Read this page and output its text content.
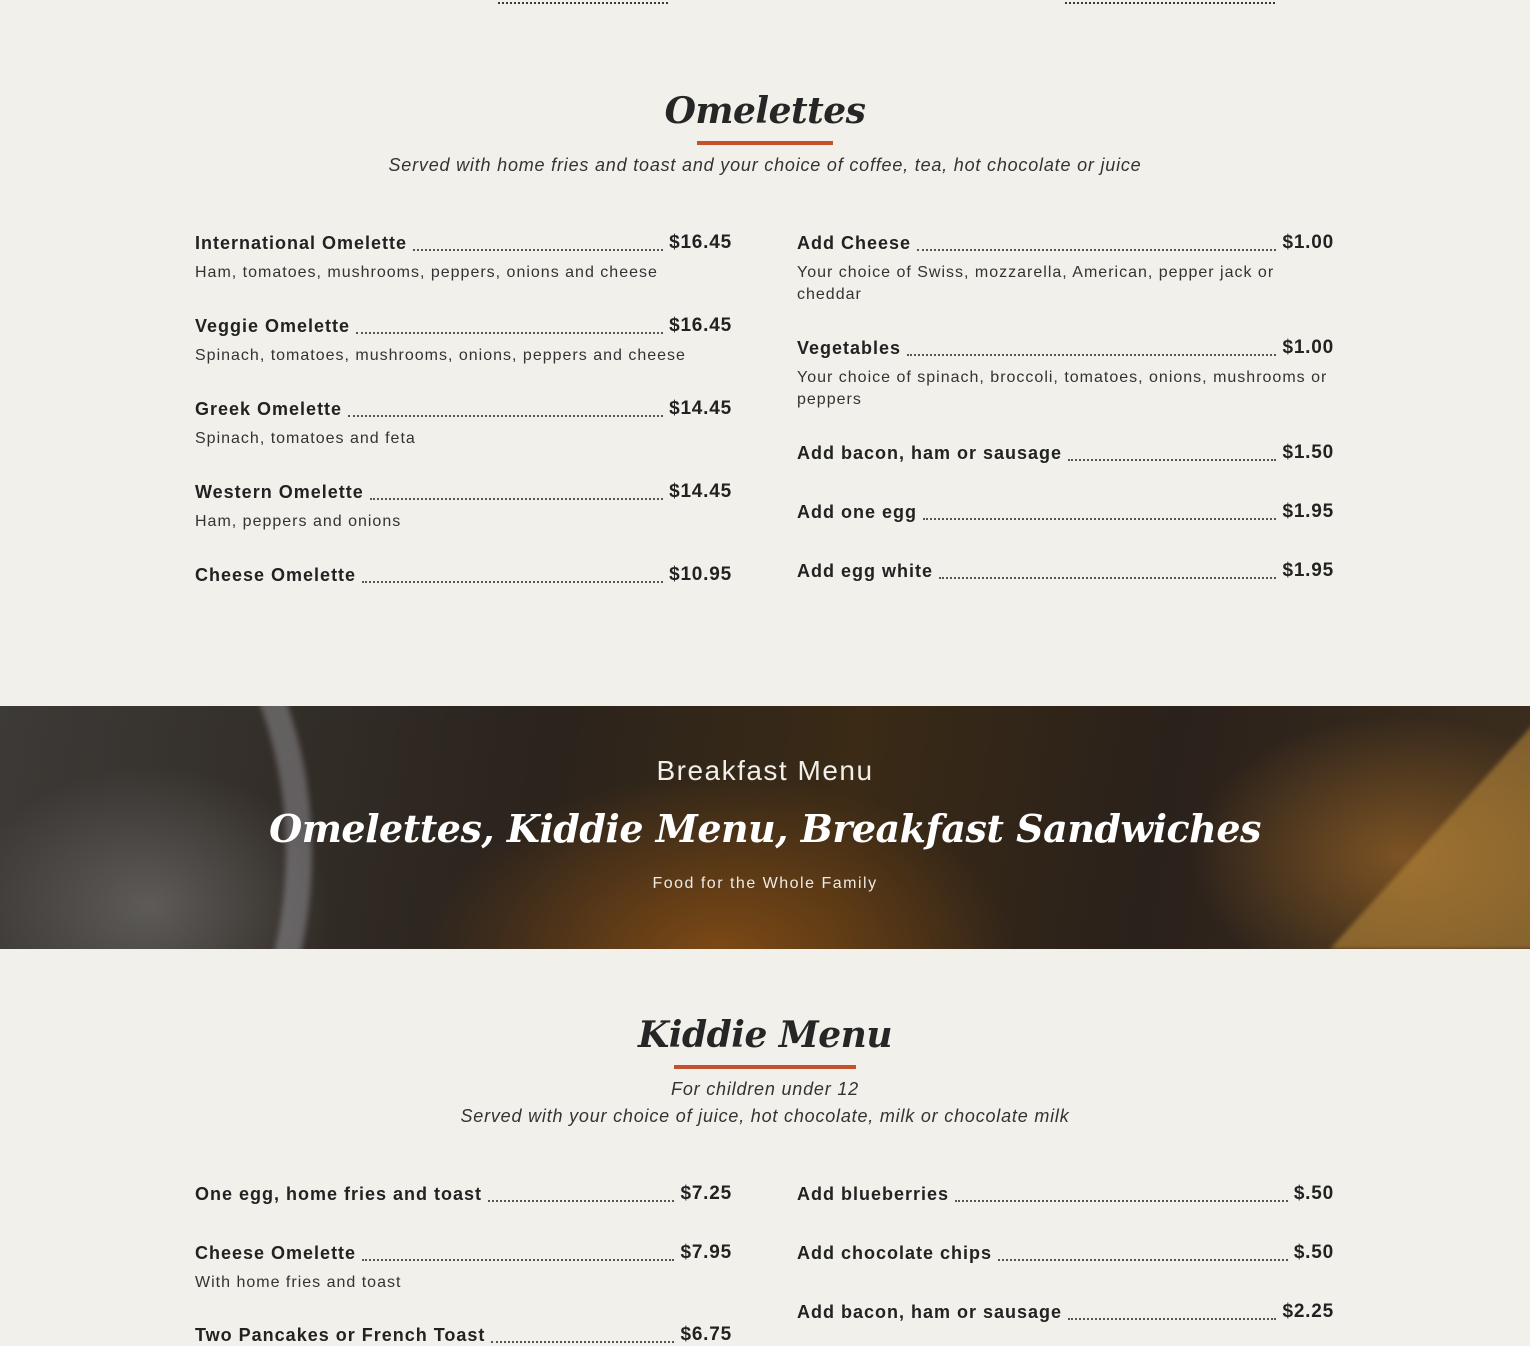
Omelettes
Served with home fries and toast and your choice of coffee, tea, hot chocolate or juice
International Omelette	$16.45
Ham, tomatoes, mushrooms, peppers, onions and cheese
Veggie Omelette	$16.45
Spinach, tomatoes, mushrooms, onions, peppers and cheese
Greek Omelette	$14.45
Spinach, tomatoes and feta
Western Omelette	$14.45
Ham, peppers and onions
Cheese Omelette	$10.95
Add Cheese	$1.00
Your choice of Swiss, mozzarella, American, pepper jack or cheddar
Vegetables	$1.00
Your choice of spinach, broccoli, tomatoes, onions, mushrooms or peppers
Add bacon, ham or sausage	$1.50
Add one egg	$1.95
Add egg white	$1.95
Breakfast Menu
Omelettes, Kiddie Menu, Breakfast Sandwiches
Food for the Whole Family
Kiddie Menu
For children under 12
Served with your choice of juice, hot chocolate, milk or chocolate milk
One egg, home fries and toast	$7.25
Cheese Omelette	$7.95
With home fries and toast
Two Pancakes or French Toast	$6.75
Add blueberries	$.50
Add chocolate chips	$.50
Add bacon, ham or sausage	$2.25
